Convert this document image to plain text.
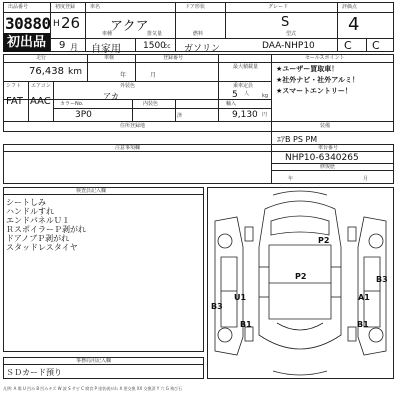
出品番号
30880
初出品
初度登録
H 26
9 月
車名
アクア
ドア形状	グレード
S
評価点
4
車種
自家用
排気量
1500
cc
燃料
ガソリン
型式
DAA-NHP10	C C
走行
76,438 km
車検
年
登録番号
月
シフト エアコン
FAT AAC
外装色
アカ
カラーNo.
3P0
内装色
済
乗車定員
5 人	kg
最大積載量
輸入
9,130 円
住所登録地
セールスポイント
★ユーザー買取車！
★社外ナビ・社外アルミ！
★スマートエントリー！
装備
ｴｱB PS PM
注意事項欄	車台番号
NHP10-6340265
修復歴
年	月
検査員記入欄
シートしみ
ハンドルすれ
エンドパネルＵ１
ＲスポイラーＰ剥がれ
ドアノブＰ剥がれ
スタッドレスタイヤ
事務局用記入欄
ＳＤカード預り
P2
P2
U1	A1
B1	B1
B3
B3
凡例: A 傷 U 凹み B 凹みキズ W 波 S サビ C 腐食 P 塗装剥がれ X 要交換 XX 交換済 Y 穴 G 飛び石
